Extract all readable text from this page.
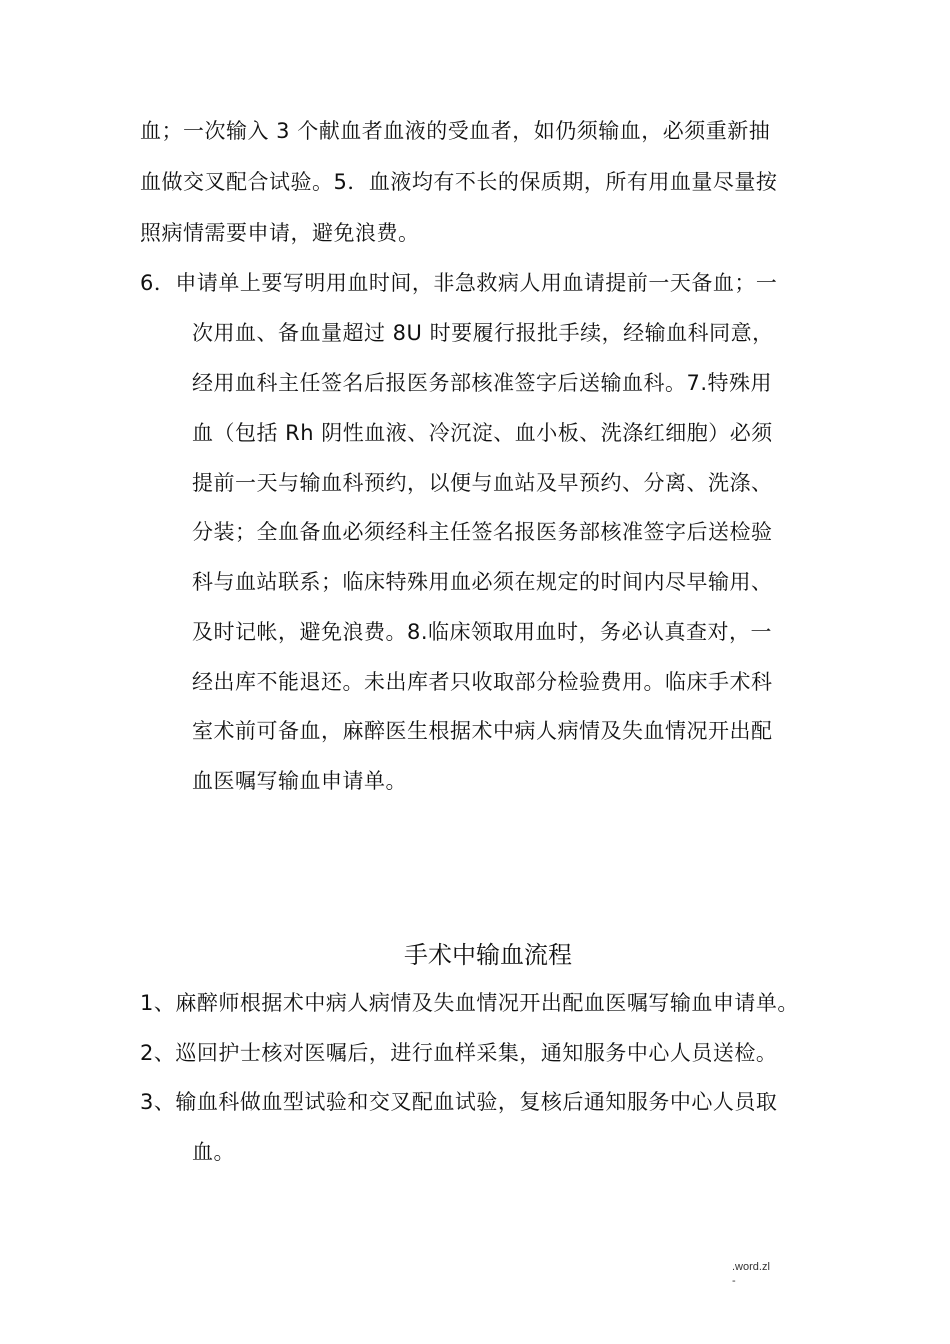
血；一次输入 3 个献血者血液的受血者，如仍须输血，必须重新抽
血做交叉配合试验。5．血液均有不长的保质期，所有用血量尽量按
照病情需要申请，避免浪费。
6．申请单上要写明用血时间，非急救病人用血请提前一天备血；一
次用血、备血量超过 8U 时要履行报批手续，经输血科同意，
经用血科主任签名后报医务部核准签字后送输血科。7.特殊用
血（包括 Rh 阴性血液、冷沉淀、血小板、洗涤红细胞）必须
提前一天与输血科预约，以便与血站及早预约、分离、洗涤、
分装；全血备血必须经科主任签名报医务部核准签字后送检验
科与血站联系；临床特殊用血必须在规定的时间内尽早输用、
及时记帐，避免浪费。8.临床领取用血时，务必认真查对，一
经出库不能退还。未出库者只收取部分检验费用。临床手术科
室术前可备血，麻醉医生根据术中病人病情及失血情况开出配
血医嘱写输血申请单。
手术中输血流程
1、麻醉师根据术中病人病情及失血情况开出配血医嘱写输血申请单。
2、巡回护士核对医嘱后，进行血样采集，通知服务中心人员送检。
3、输血科做血型试验和交叉配血试验，复核后通知服务中心人员取
血。
.word.zl
-
